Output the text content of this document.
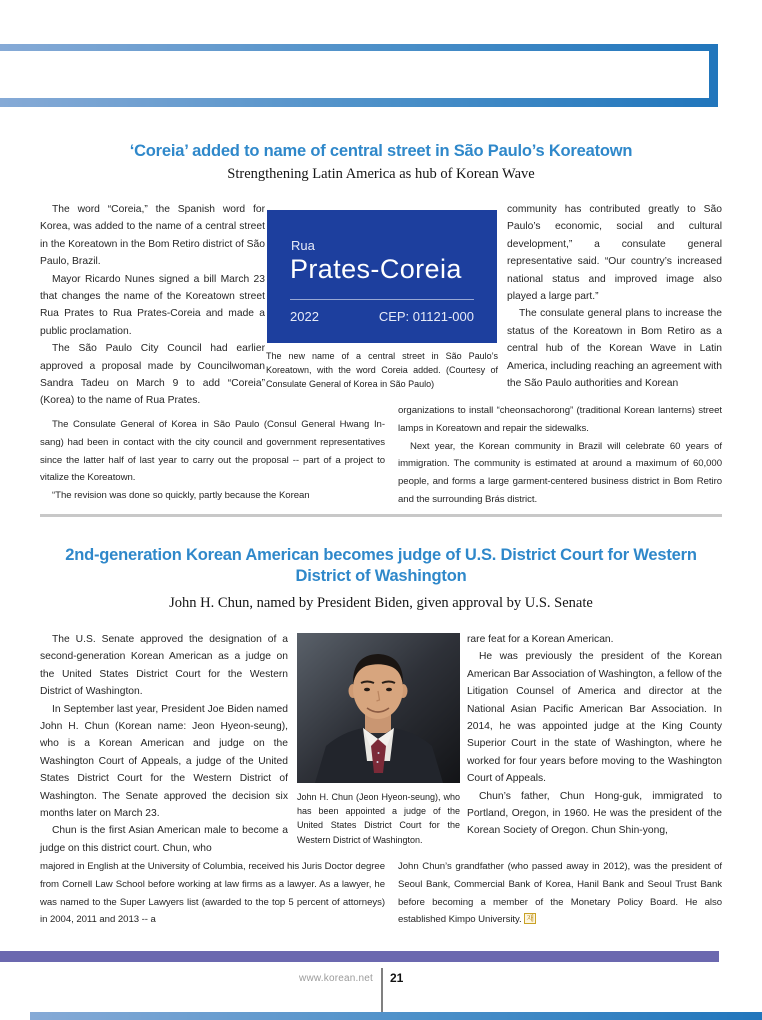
‘Coreia’ added to name of central street in São Paulo’s Koreatown
Strengthening Latin America as hub of Korean Wave

The word “Coreia,” the Spanish word for Korea, was added to the name of a central street in the Koreatown in the Bom Retiro district of São Paulo, Brazil.

Mayor Ricardo Nunes signed a bill March 23 that changes the name of the Koreatown street Rua Prates to Rua Prates-Coreia and made a public proclamation.

The São Paulo City Council had earlier approved a proposal made by Councilwoman Sandra Tadeu on March 9 to add “Coreia” (Korea) to the name of Rua Prates.

Rua
Prates-Coreia
2022	CEP: 01121-000
The new name of a central street in São Paulo’s Koreatown, with the word Coreia added. (Courtesy of Consulate General of Korea in São Paulo)

community has contributed greatly to São Paulo’s economic, social and cultural development,” a consulate general representative said. “Our country’s increased national status and improved image also played a large part.”

The consulate general plans to increase the status of the Koreatown in Bom Retiro as a central hub of the Korean Wave in Latin America, including reaching an agreement with the São Paulo authorities and Korean

The Consulate General of Korea in São Paulo (Consul General Hwang In-sang) had been in contact with the city council and government representatives since the latter half of last year to carry out the proposal -- part of a project to vitalize the Koreatown.

“The revision was done so quickly, partly because the Korean

organizations to install “cheonsachorong” (traditional Korean lanterns) street lamps in Koreatown and repair the sidewalks.

Next year, the Korean community in Brazil will celebrate 60 years of immigration. The community is estimated at around a maximum of 60,000 people, and forms a large garment-centered business district in Bom Retiro and the surrounding Brás district.

2nd-generation Korean American becomes judge of U.S. District Court for Western District of Washington
John H. Chun, named by President Biden, given approval by U.S. Senate

The U.S. Senate approved the designation of a second-generation Korean American as a judge on the United States District Court for the Western District of Washington.

In September last year, President Joe Biden named John H. Chun (Korean name: Jeon Hyeon-seung), who is a Korean American and judge on the Washington Court of Appeals, a judge of the United States District Court for the Western District of Washington. The Senate approved the decision six months later on March 23.

Chun is the first Asian American male to become a judge on this district court. Chun, who

John H. Chun (Jeon Hyeon-seung), who has been appointed a judge of the United States District Court for the Western District of Washington.

rare feat for a Korean American.

He was previously the president of the Korean American Bar Association of Washington, a fellow of the Litigation Counsel of America and director at the National Asian Pacific American Bar Association. In 2014, he was appointed judge at the King County Superior Court in the state of Washington, where he worked for four years before moving to the Washington Court of Appeals.

Chun’s father, Chun Hong-guk, immigrated to Portland, Oregon, in 1960. He was the president of the Korean Society of Oregon. Chun Shin-yong,

majored in English at the University of Columbia, received his Juris Doctor degree from Cornell Law School before working at law firms as a lawyer. As a lawyer, he was named to the Super Lawyers list (awarded to the top 5 percent of attorneys) in 2004, 2011 and 2013 -- a

John Chun’s grandfather (who passed away in 2012), was the president of Seoul Bank, Commercial Bank of Korea, Hanil Bank and Seoul Trust Bank before becoming a member of the Monetary Policy Board. He also established Kimpo University. 재

www.korean.net 21
